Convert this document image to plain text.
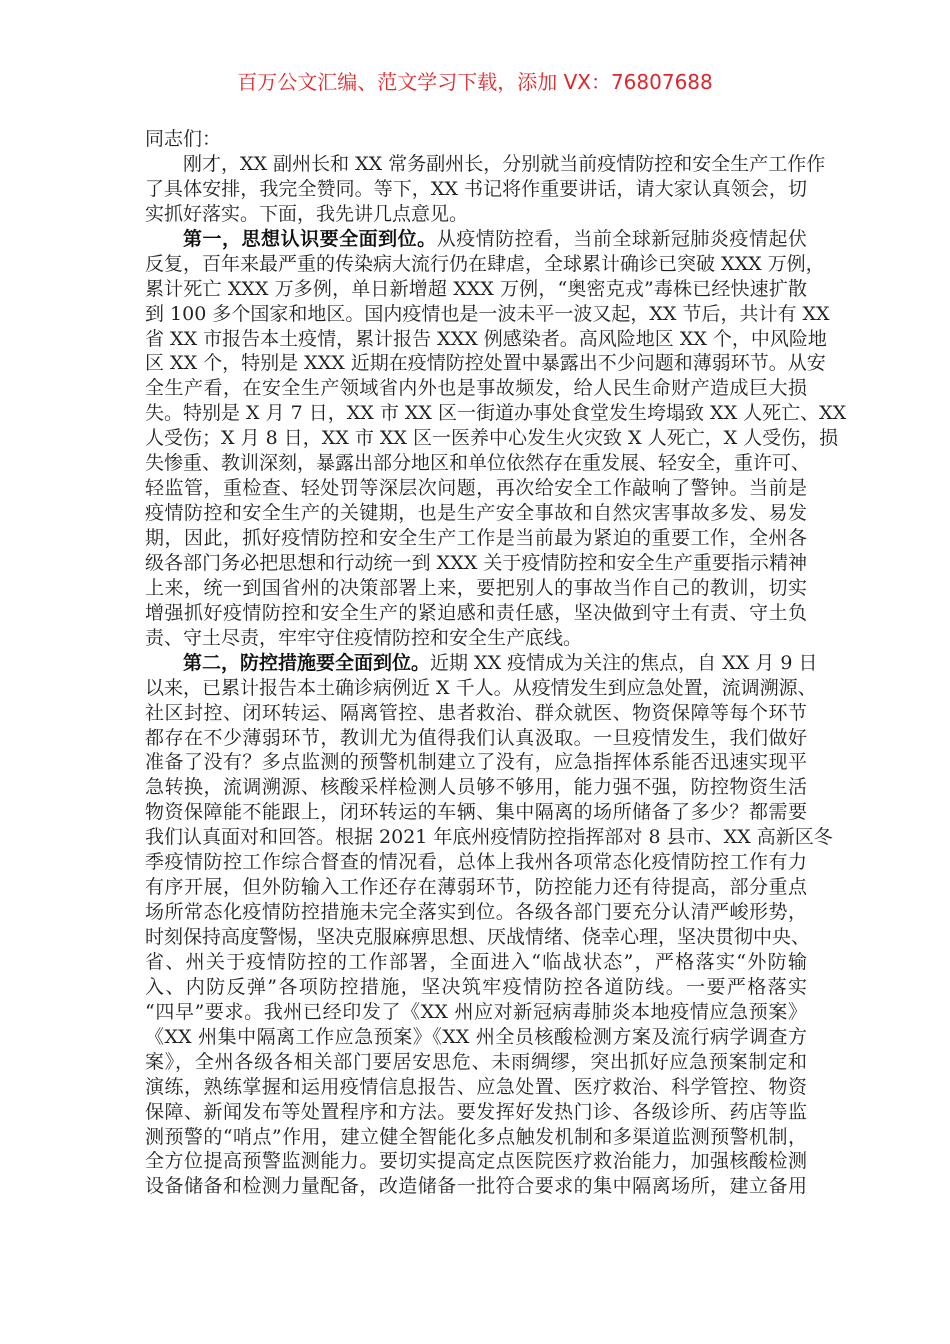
百万公文汇编、范文学习下载，添加 VX：76807688
同志们：
刚才，XX 副州长和 XX 常务副州长，分别就当前疫情防控和安全生产工作作
了具体安排，我完全赞同。等下，XX 书记将作重要讲话，请大家认真领会，切
实抓好落实。下面，我先讲几点意见。
第一，思想认识要全面到位。从疫情防控看，当前全球新冠肺炎疫情起伏
反复，百年来最严重的传染病大流行仍在肆虐，全球累计确诊已突破 XXX 万例，
累计死亡 XXX 万多例，单日新增超 XXX 万例，“奥密克戎”毒株已经快速扩散
到 100 多个国家和地区。国内疫情也是一波未平一波又起，XX 节后，共计有 XX
省 XX 市报告本土疫情，累计报告 XXX 例感染者。高风险地区 XX 个，中风险地
区 XX 个，特别是 XXX 近期在疫情防控处置中暴露出不少问题和薄弱环节。从安
全生产看，在安全生产领域省内外也是事故频发，给人民生命财产造成巨大损
失。特别是 X 月 7 日，XX 市 XX 区一街道办事处食堂发生垮塌致 XX 人死亡、XX
人受伤；X 月 8 日，XX 市 XX 区一医养中心发生火灾致 X 人死亡，X 人受伤，损
失惨重、教训深刻，暴露出部分地区和单位依然存在重发展、轻安全，重许可、
轻监管，重检查、轻处罚等深层次问题，再次给安全工作敲响了警钟。当前是
疫情防控和安全生产的关键期，也是生产安全事故和自然灾害事故多发、易发
期，因此，抓好疫情防控和安全生产工作是当前最为紧迫的重要工作，全州各
级各部门务必把思想和行动统一到 XXX 关于疫情防控和安全生产重要指示精神
上来，统一到国省州的决策部署上来，要把别人的事故当作自己的教训，切实
增强抓好疫情防控和安全生产的紧迫感和责任感，坚决做到守土有责、守土负
责、守土尽责，牢牢守住疫情防控和安全生产底线。
第二，防控措施要全面到位。近期 XX 疫情成为关注的焦点，自 XX 月 9 日
以来，已累计报告本土确诊病例近 X 千人。从疫情发生到应急处置，流调溯源、
社区封控、闭环转运、隔离管控、患者救治、群众就医、物资保障等每个环节
都存在不少薄弱环节，教训尤为值得我们认真汲取。一旦疫情发生，我们做好
准备了没有？多点监测的预警机制建立了没有，应急指挥体系能否迅速实现平
急转换，流调溯源、核酸采样检测人员够不够用，能力强不强，防控物资生活
物资保障能不能跟上，闭环转运的车辆、集中隔离的场所储备了多少？都需要
我们认真面对和回答。根据 2021 年底州疫情防控指挥部对 8 县市、XX 高新区冬
季疫情防控工作综合督查的情况看，总体上我州各项常态化疫情防控工作有力
有序开展，但外防输入工作还存在薄弱环节，防控能力还有待提高，部分重点
场所常态化疫情防控措施未完全落实到位。各级各部门要充分认清严峻形势，
时刻保持高度警惕，坚决克服麻痹思想、厌战情绪、侥幸心理，坚决贯彻中央、
省、州关于疫情防控的工作部署，全面进入“临战状态”，严格落实“外防输
入、内防反弹”各项防控措施，坚决筑牢疫情防控各道防线。一要严格落实
“四早”要求。我州已经印发了《XX 州应对新冠病毒肺炎本地疫情应急预案》
《XX 州集中隔离工作应急预案》《XX 州全员核酸检测方案及流行病学调查方
案》，全州各级各相关部门要居安思危、未雨绸缪，突出抓好应急预案制定和
演练，熟练掌握和运用疫情信息报告、应急处置、医疗救治、科学管控、物资
保障、新闻发布等处置程序和方法。要发挥好发热门诊、各级诊所、药店等监
测预警的“哨点”作用，建立健全智能化多点触发机制和多渠道监测预警机制，
全方位提高预警监测能力。要切实提高定点医院医疗救治能力，加强核酸检测
设备储备和检测力量配备，改造储备一批符合要求的集中隔离场所，建立备用
